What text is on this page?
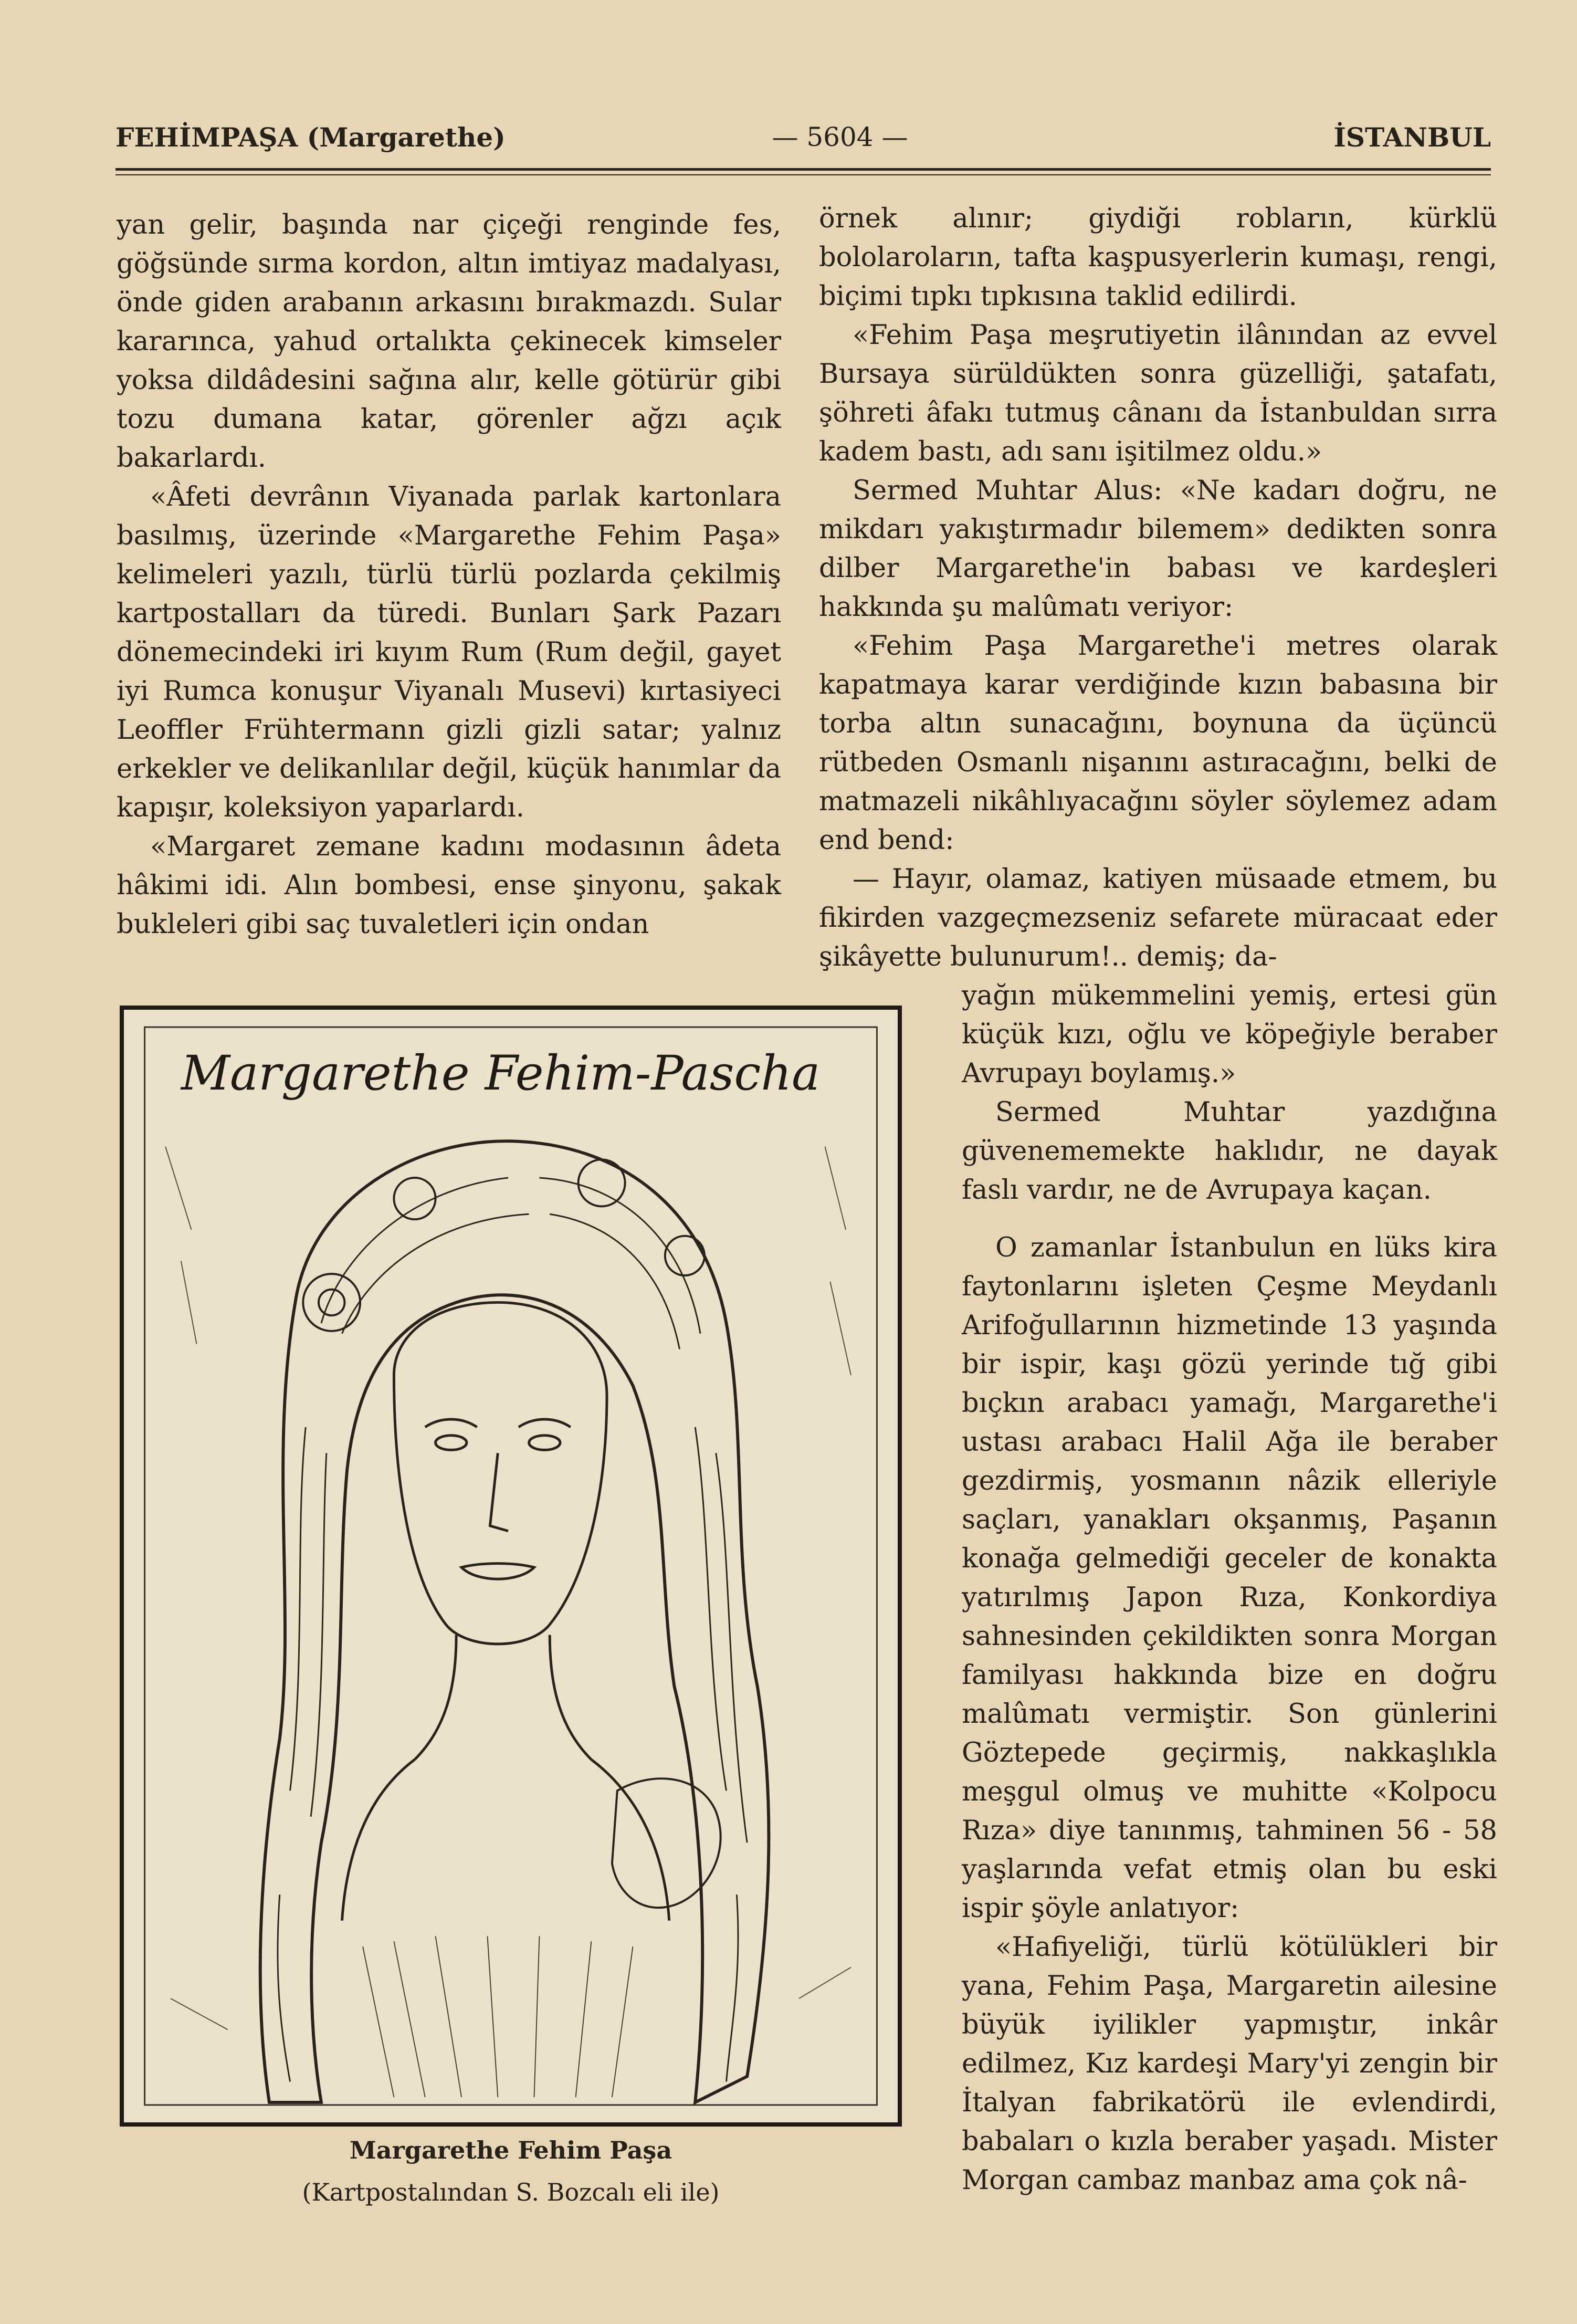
FEHİMPAŞA (Margarethe)	— 5604 —	İSTANBUL

yan gelir, başında nar çiçeği renginde fes, göğsünde sırma kordon, altın imtiyaz madalyası, önde giden arabanın arkasını bırakmazdı. Sular kararınca, yahud ortalıkta çekinecek kimseler yoksa dildâdesini sağına alır, kelle götürür gibi tozu dumana katar, görenler ağzı açık bakarlardı.

«Âfeti devrânın Viyanada parlak kartonlara basılmış, üzerinde «Margarethe Fehim Paşa» kelimeleri yazılı, türlü türlü pozlarda çekilmiş kartpostalları da türedi. Bunları Şark Pazarı dönemecindeki iri kıyım Rum (Rum değil, gayet iyi Rumca konuşur Viyanalı Musevi) kırtasiyeci Leoffler Frühtermann gizli gizli satar; yalnız erkekler ve delikanlılar değil, küçük hanımlar da kapışır, koleksiyon yaparlardı.

«Margaret zemane kadını modasının âdeta hâkimi idi. Alın bombesi, ense şinyonu, şakak bukleleri gibi saç tuvaletleri için ondan

örnek alınır; giydiği robların, kürklü bololaroların, tafta kaşpusyerlerin kumaşı, rengi, biçimi tıpkı tıpkısına taklid edilirdi.

«Fehim Paşa meşrutiyetin ilânından az evvel Bursaya sürüldükten sonra güzelliği, şatafatı, şöhreti âfakı tutmuş cânanı da İstanbuldan sırra kadem bastı, adı sanı işitilmez oldu.»

Sermed Muhtar Alus: «Ne kadarı doğru, ne mikdarı yakıştırmadır bilemem» dedikten sonra dilber Margarethe'in babası ve kardeşleri hakkında şu malûmatı veriyor:

«Fehim Paşa Margarethe'i metres olarak kapatmaya karar verdiğinde kızın babasına bir torba altın sunacağını, boynuna da üçüncü rütbeden Osmanlı nişanını astıracağını, belki de matmazeli nikâhlıyacağını söyler söylemez adam end bend:

— Hayır, olamaz, katiyen müsaade etmem, bu fikirden vazgeçmezseniz sefarete müracaat eder şikâyette bulunurum!.. demiş; da-

yağın mükemmelini yemiş, ertesi gün küçük kızı, oğlu ve köpeğiyle beraber Avrupayı boylamış.»

Sermed Muhtar yazdığına güvenememekte haklıdır, ne dayak faslı vardır, ne de Avrupaya kaçan.

O zamanlar İstanbulun en lüks kira faytonlarını işleten Çeşme Meydanlı Arifoğullarının hizmetinde 13 yaşında bir ispir, kaşı gözü yerinde tığ gibi bıçkın arabacı yamağı, Margarethe'i ustası arabacı Halil Ağa ile beraber gezdirmiş, yosmanın nâzik elleriyle saçları, yanakları okşanmış, Paşanın konağa gelmediği geceler de konakta yatırılmış Japon Rıza, Konkordiya sahnesinden çekildikten sonra Morgan familyası hakkında bize en doğru malûmatı vermiştir. Son günlerini Göztepede geçirmiş, nakkaşlıkla meşgul olmuş ve muhitte «Kolpocu Rıza» diye tanınmış, tahminen 56 - 58 yaşlarında vefat etmiş olan bu eski ispir şöyle anlatıyor:

«Hafiyeliği, türlü kötülükleri bir yana, Fehim Paşa, Margaretin ailesine büyük iyilikler yapmıştır, inkâr edilmez, Kız kardeşi Mary'yi zengin bir İtalyan fabrikatörü ile evlendirdi, babaları o kızla beraber yaşadı. Mister Morgan cambaz manbaz ama çok nâ-

Margarethe Fehim-Pascha
Margarethe Fehim Paşa
(Kartpostalından S. Bozcalı eli ile)
